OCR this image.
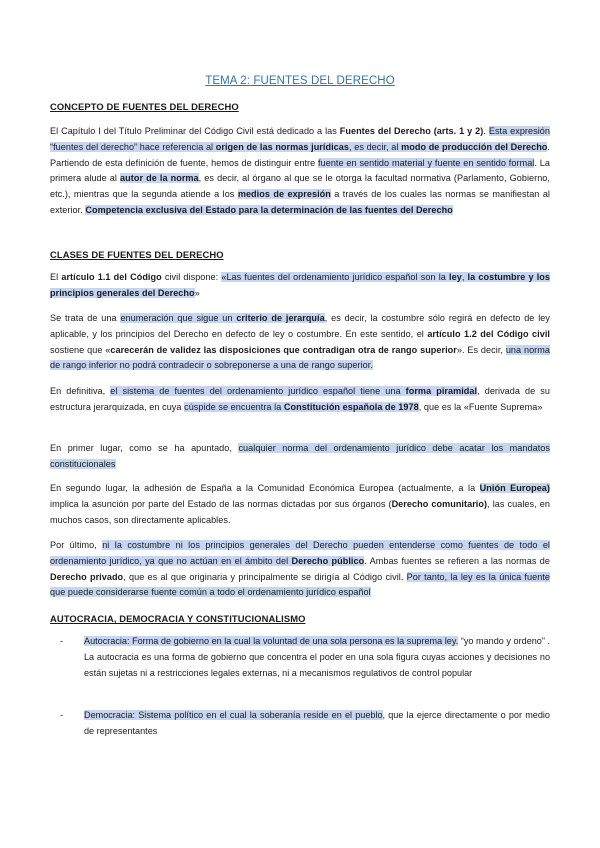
TEMA 2: FUENTES DEL DERECHO
CONCEPTO DE FUENTES DEL DERECHO
El Capítulo I del Título Preliminar del Código Civil está dedicado a las Fuentes del Derecho (arts. 1 y 2). Esta expresión “fuentes del derecho” hace referencia al origen de las normas jurídicas, es decir, al modo de producción del Derecho. Partiendo de esta definición de fuente, hemos de distinguir entre fuente en sentido material y fuente en sentido formal. La primera alude al autor de la norma, es decir, al órgano al que se le otorga la facultad normativa (Parlamento, Gobierno, etc.), mientras que la segunda atiende a los medios de expresión a través de los cuales las normas se manifiestan al exterior. Competencia exclusiva del Estado para la determinación de las fuentes del Derecho
CLASES DE FUENTES DEL DERECHO
El artículo 1.1 del Código civil dispone: «Las fuentes del ordenamiento jurídico español son la ley, la costumbre y los principios generales del Derecho»
Se trata de una enumeración que sigue un criterio de jerarquía, es decir, la costumbre sólo regirá en defecto de ley aplicable, y los principios del Derecho en defecto de ley o costumbre. En este sentido, el artículo 1.2 del Código civil sostiene que «carecerán de validez las disposiciones que contradigan otra de rango superior». Es decir, una norma de rango inferior no podrá contradecir o sobreponerse a una de rango superior.
En definitiva, el sistema de fuentes del ordenamiento jurídico español tiene una forma piramidal, derivada de su estructura jerarquizada, en cuya cúspide se encuentra la Constitución española de 1978, que es la «Fuente Suprema»
En primer lugar, como se ha apuntado, cualquier norma del ordenamiento jurídico debe acatar los mandatos constitucionales
En segundo lugar, la adhesión de España a la Comunidad Económica Europea (actualmente, a la Unión Europea) implica la asunción por parte del Estado de las normas dictadas por sus órganos (Derecho comunitario), las cuales, en muchos casos, son directamente aplicables.
Por último, ni la costumbre ni los principios generales del Derecho pueden entenderse como fuentes de todo el ordenamiento jurídico, ya que no actúan en el ámbito del Derecho público. Ambas fuentes se refieren a las normas de Derecho privado, que es al que originaria y principalmente se dirigía al Código civil. Por tanto, la ley es la única fuente que puede considerarse fuente común a todo el ordenamiento jurídico español
AUTOCRACIA, DEMOCRACIA Y CONSTITUCIONALISMO
- Autocracia: Forma de gobierno en la cual la voluntad de una sola persona es la suprema ley. “yo mando y ordeno” . La autocracia es una forma de gobierno que concentra el poder en una sola figura cuyas acciones y decisiones no están sujetas ni a restricciones legales externas, ni a mecanismos regulativos de control popular
- Democracia: Sistema político en el cual la soberanía reside en el pueblo, que la ejerce directamente o por medio de representantes
